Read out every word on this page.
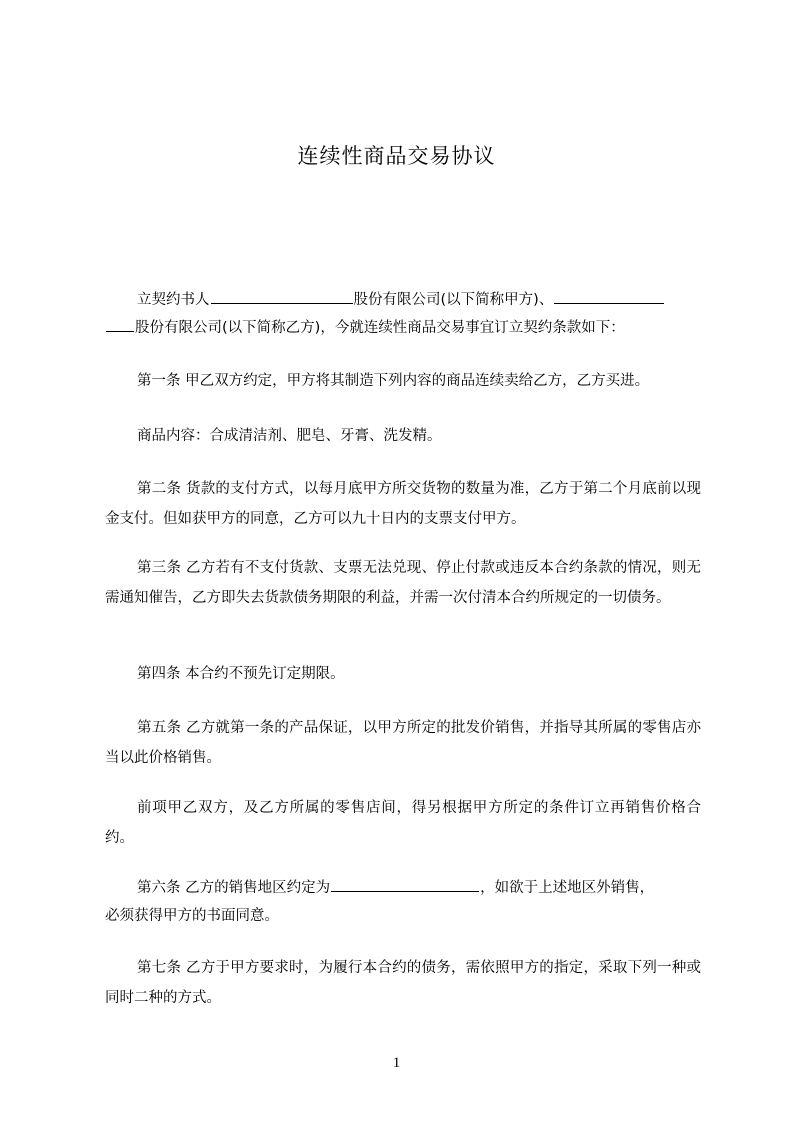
连续性商品交易协议
立契约书人	股份有限公司(以下简称甲方)、
股份有限公司(以下简称乙方)，今就连续性商品交易事宜订立契约条款如下：

第一条 甲乙双方约定，甲方将其制造下列内容的商品连续卖给乙方，乙方买进。

商品内容：合成清洁剂、肥皂、牙膏、洗发精。

第二条 货款的支付方式，以每月底甲方所交货物的数量为准，乙方于第二个月底前以现金支付。但如获甲方的同意，乙方可以九十日内的支票支付甲方。

第三条 乙方若有不支付货款、支票无法兑现、停止付款或违反本合约条款的情况，则无需通知催告，乙方即失去货款债务期限的利益，并需一次付清本合约所规定的一切债务。

第四条 本合约不预先订定期限。

第五条 乙方就第一条的产品保证，以甲方所定的批发价销售，并指导其所属的零售店亦当以此价格销售。

前项甲乙双方，及乙方所属的零售店间，得另根据甲方所定的条件订立再销售价格合约。

第六条 乙方的销售地区约定为	，如欲于上述地区外销售，
必须获得甲方的书面同意。

第七条 乙方于甲方要求时，为履行本合约的债务，需依照甲方的指定，采取下列一种或同时二种的方式。

1
